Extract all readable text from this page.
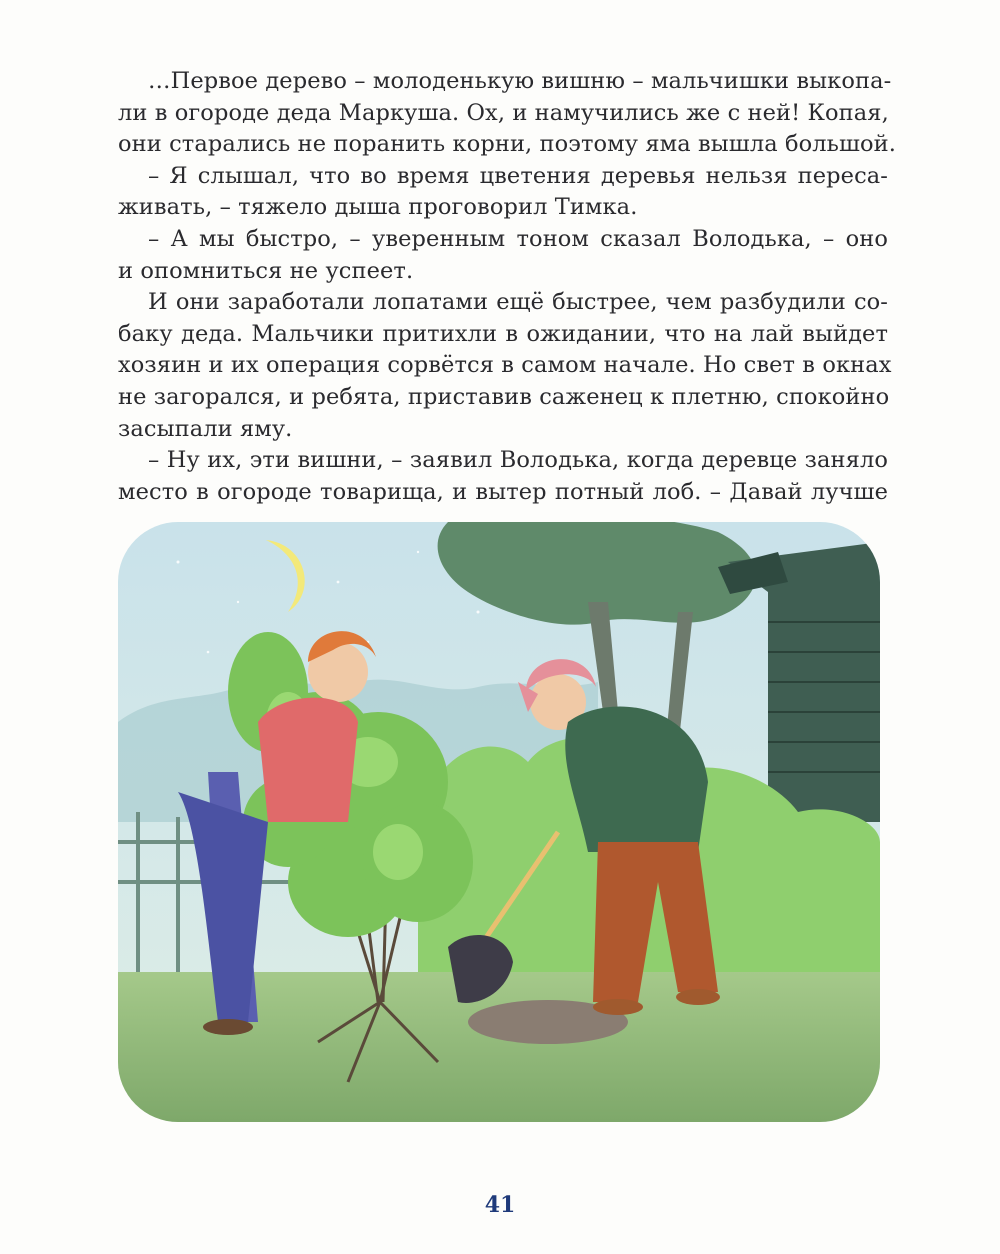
…Первое дерево – молоденькую вишню – мальчишки выкопа-
ли в огороде деда Маркуша. Ох, и намучились же с ней! Копая,
они старались не поранить корни, поэтому яма вышла большой.
– Я слышал, что во время цветения деревья нельзя переса-
живать, – тяжело дыша проговорил Тимка.
– А мы быстро, – уверенным тоном сказал Володька, – оно
и опомниться не успеет.
И они заработали лопатами ещё быстрее, чем разбудили со-
баку деда. Мальчики притихли в ожидании, что на лай выйдет
хозяин и их операция сорвётся в самом начале. Но свет в окнах
не загорался, и ребята, приставив саженец к плетню, спокойно
засыпали яму.
– Ну их, эти вишни, – заявил Володька, когда деревце заняло
место в огороде товарища, и вытер потный лоб. – Давай лучше
41
